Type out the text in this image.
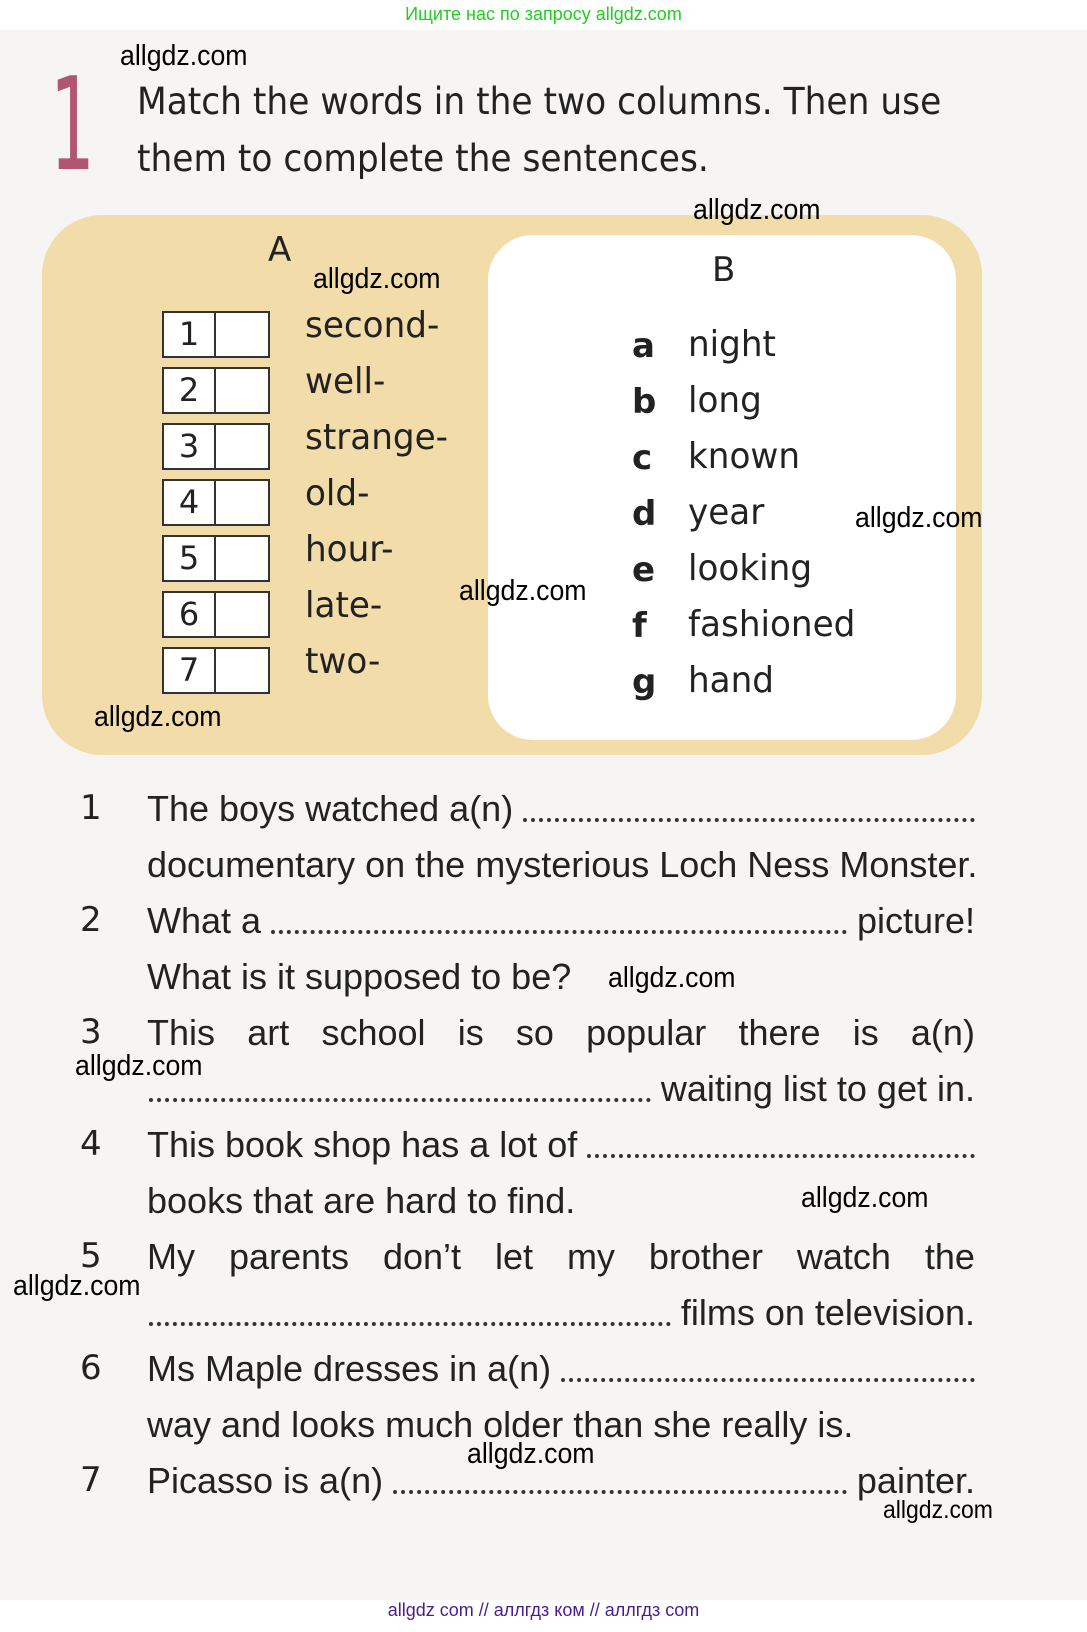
Ищите нас по запросу allgdz.com
1 Match the words in the two columns. Then use
them to complete the sentences.
A	B
1	second-
2	well-
3	strange-
4	old-
5	hour-
6	late-
7	two-
a night
b long
c known
d year
e looking
f fashioned
g hand
1 The boys watched a(n)
documentary on the mysterious Loch Ness Monster.
2 What a	picture!
What is it supposed to be?
3 This art school is so popular there is a(n)
waiting list to get in.
4 This book shop has a lot of
books that are hard to find.
5 My parents don’t let my brother watch the
films on television.
6 Ms Maple dresses in a(n)
way and looks much older than she really is.
7 Picasso is a(n)	painter.
allgdz.com
allgdz.com
allgdz.com
allgdz.com
allgdz.com
allgdz.com
allgdz.com
allgdz.com
allgdz.com
allgdz.com
allgdz.com
allgdz.com
allgdz com // аллгдз ком // аллгдз com
